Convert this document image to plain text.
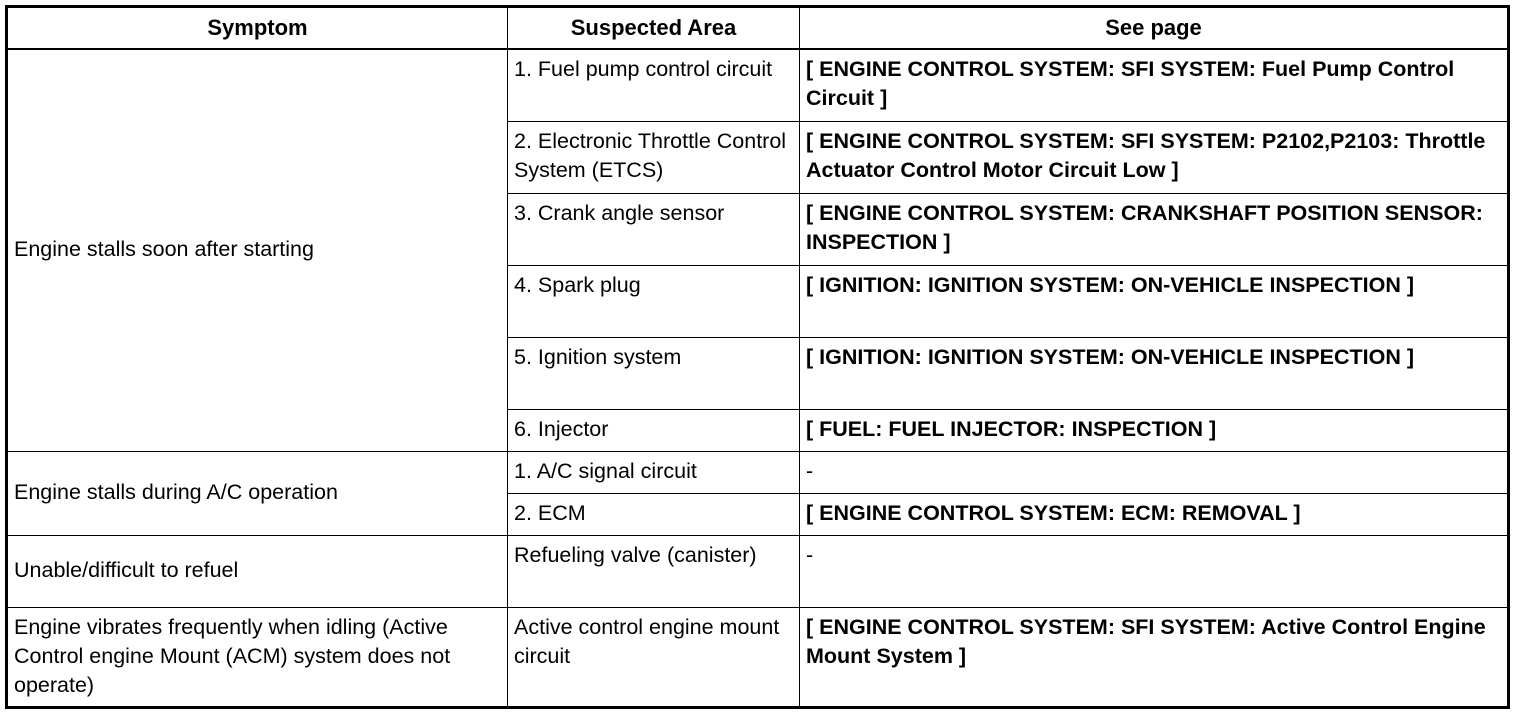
Symptom	Suspected Area	See page
Engine stalls soon after starting	1. Fuel pump control circuit	[ ENGINE CONTROL SYSTEM: SFI SYSTEM: Fuel Pump Control Circuit ]
	2. Electronic Throttle Control System (ETCS)	[ ENGINE CONTROL SYSTEM: SFI SYSTEM: P2102,P2103: Throttle Actuator Control Motor Circuit Low ]
	3. Crank angle sensor	[ ENGINE CONTROL SYSTEM: CRANKSHAFT POSITION SENSOR: INSPECTION ]
	4. Spark plug	[ IGNITION: IGNITION SYSTEM: ON-VEHICLE INSPECTION ]
	5. Ignition system	[ IGNITION: IGNITION SYSTEM: ON-VEHICLE INSPECTION ]
	6. Injector	[ FUEL: FUEL INJECTOR: INSPECTION ]
Engine stalls during A/C operation	1. A/C signal circuit	-
	2. ECM	[ ENGINE CONTROL SYSTEM: ECM: REMOVAL ]
Unable/difficult to refuel	Refueling valve (canister)	-
Engine vibrates frequently when idling (Active Control engine Mount (ACM) system does not operate)	Active control engine mount circuit	[ ENGINE CONTROL SYSTEM: SFI SYSTEM: Active Control Engine Mount System ]
